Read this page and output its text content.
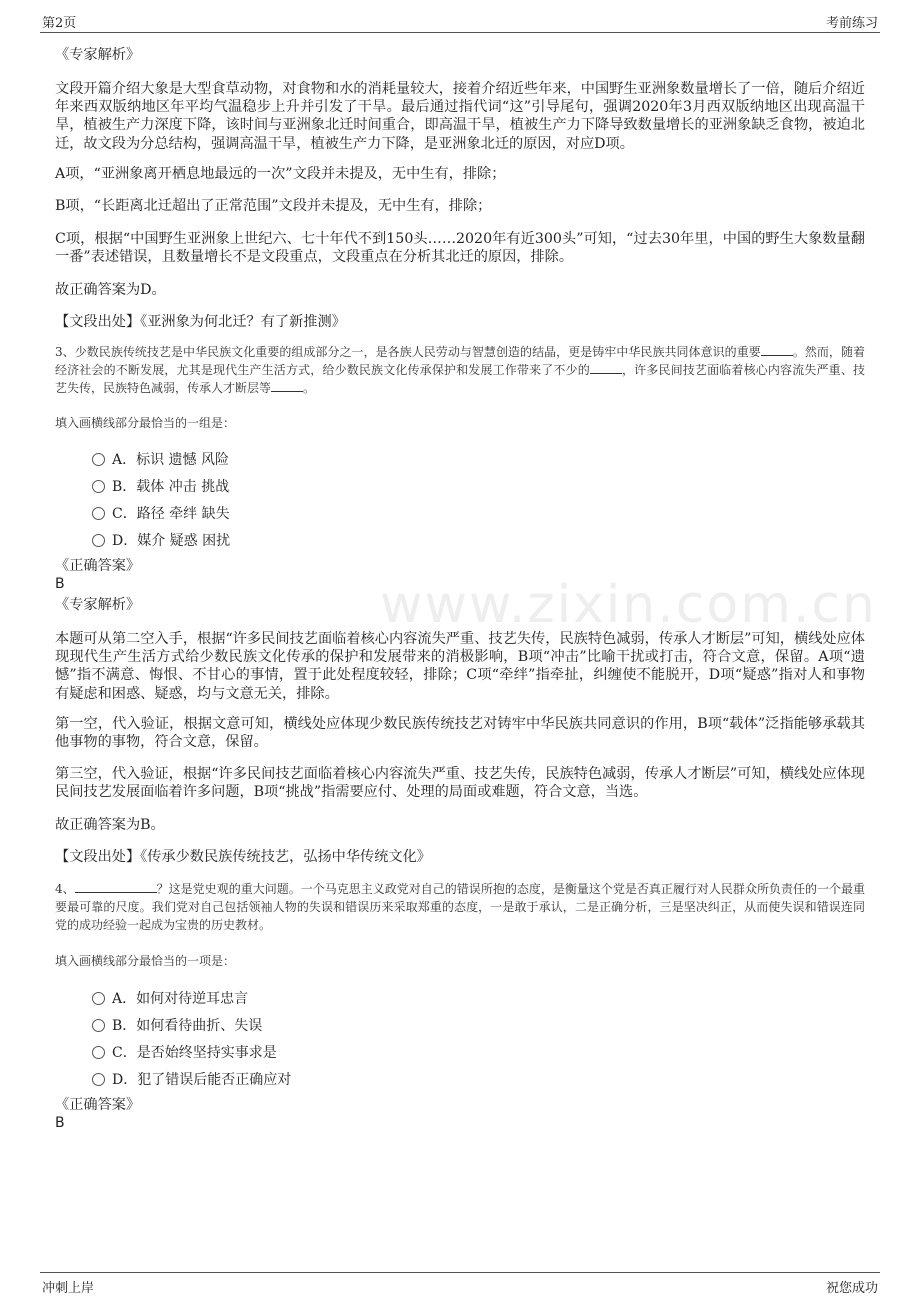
第2页	考前练习
www.zixin.com.cn
《专家解析》

文段开篇介绍大象是大型食草动物，对食物和水的消耗量较大，接着介绍近些年来，中国野生亚洲象数量增长了一倍，随后介绍近年来西双版纳地区年平均气温稳步上升并引发了干旱。最后通过指代词“这”引导尾句，强调2020年3月西双版纳地区出现高温干旱，植被生产力深度下降，该时间与亚洲象北迁时间重合，即高温干旱，植被生产力下降导致数量增长的亚洲象缺乏食物，被迫北迁，故文段为分总结构，强调高温干旱，植被生产力下降，是亚洲象北迁的原因，对应D项。

A项，“亚洲象离开栖息地最远的一次”文段并未提及，无中生有，排除；

B项，“长距离北迁超出了正常范围”文段并未提及，无中生有，排除；

C项，根据“中国野生亚洲象上世纪六、七十年代不到150头……2020年有近300头”可知，“过去30年里，中国的野生大象数量翻一番”表述错误，且数量增长不是文段重点，文段重点在分析其北迁的原因，排除。

故正确答案为D。

【文段出处】《亚洲象为何北迁？有了新推测》

3、少数民族传统技艺是中华民族文化重要的组成部分之一，是各族人民劳动与智慧创造的结晶，更是铸牢中华民族共同体意识的重要	。然而，随着经济社会的不断发展，尤其是现代生产生活方式，给少数民族文化传承保护和发展工作带来了不少的	，许多民间技艺面临着核心内容流失严重、技艺失传，民族特色减弱，传承人才断层等	。

填入画横线部分最恰当的一组是：
A．标识 遗憾 风险
B．载体 冲击 挑战
C．路径 牵绊 缺失
D．媒介 疑惑 困扰
《正确答案》
B
《专家解析》

本题可从第二空入手，根据“许多民间技艺面临着核心内容流失严重、技艺失传，民族特色减弱，传承人才断层”可知，横线处应体现现代生产生活方式给少数民族文化传承的保护和发展带来的消极影响，B项“冲击”比喻干扰或打击，符合文意，保留。A项“遗憾”指不满意、悔恨、不甘心的事情，置于此处程度较轻，排除；C项“牵绊”指牵扯，纠缠使不能脱开，D项“疑惑”指对人和事物有疑虑和困惑、疑惑，均与文意无关，排除。

第一空，代入验证，根据文意可知，横线处应体现少数民族传统技艺对铸牢中华民族共同意识的作用，B项“载体”泛指能够承载其他事物的事物，符合文意，保留。

第三空，代入验证，根据“许多民间技艺面临着核心内容流失严重、技艺失传，民族特色减弱，传承人才断层”可知，横线处应体现民间技艺发展面临着许多问题，B项“挑战”指需要应付、处理的局面或难题，符合文意，当选。

故正确答案为B。

【文段出处】《传承少数民族传统技艺，弘扬中华传统文化》

4、	？这是党史观的重大问题。一个马克思主义政党对自己的错误所抱的态度，是衡量这个党是否真正履行对人民群众所负责任的一个最重要最可靠的尺度。我们党对自己包括领袖人物的失误和错误历来采取郑重的态度，一是敢于承认，二是正确分析，三是坚决纠正，从而使失误和错误连同党的成功经验一起成为宝贵的历史教材。

填入画横线部分最恰当的一项是：
A．如何对待逆耳忠言
B．如何看待曲折、失误
C．是否始终坚持实事求是
D．犯了错误后能否正确应对
《正确答案》
B
冲刺上岸	祝您成功
